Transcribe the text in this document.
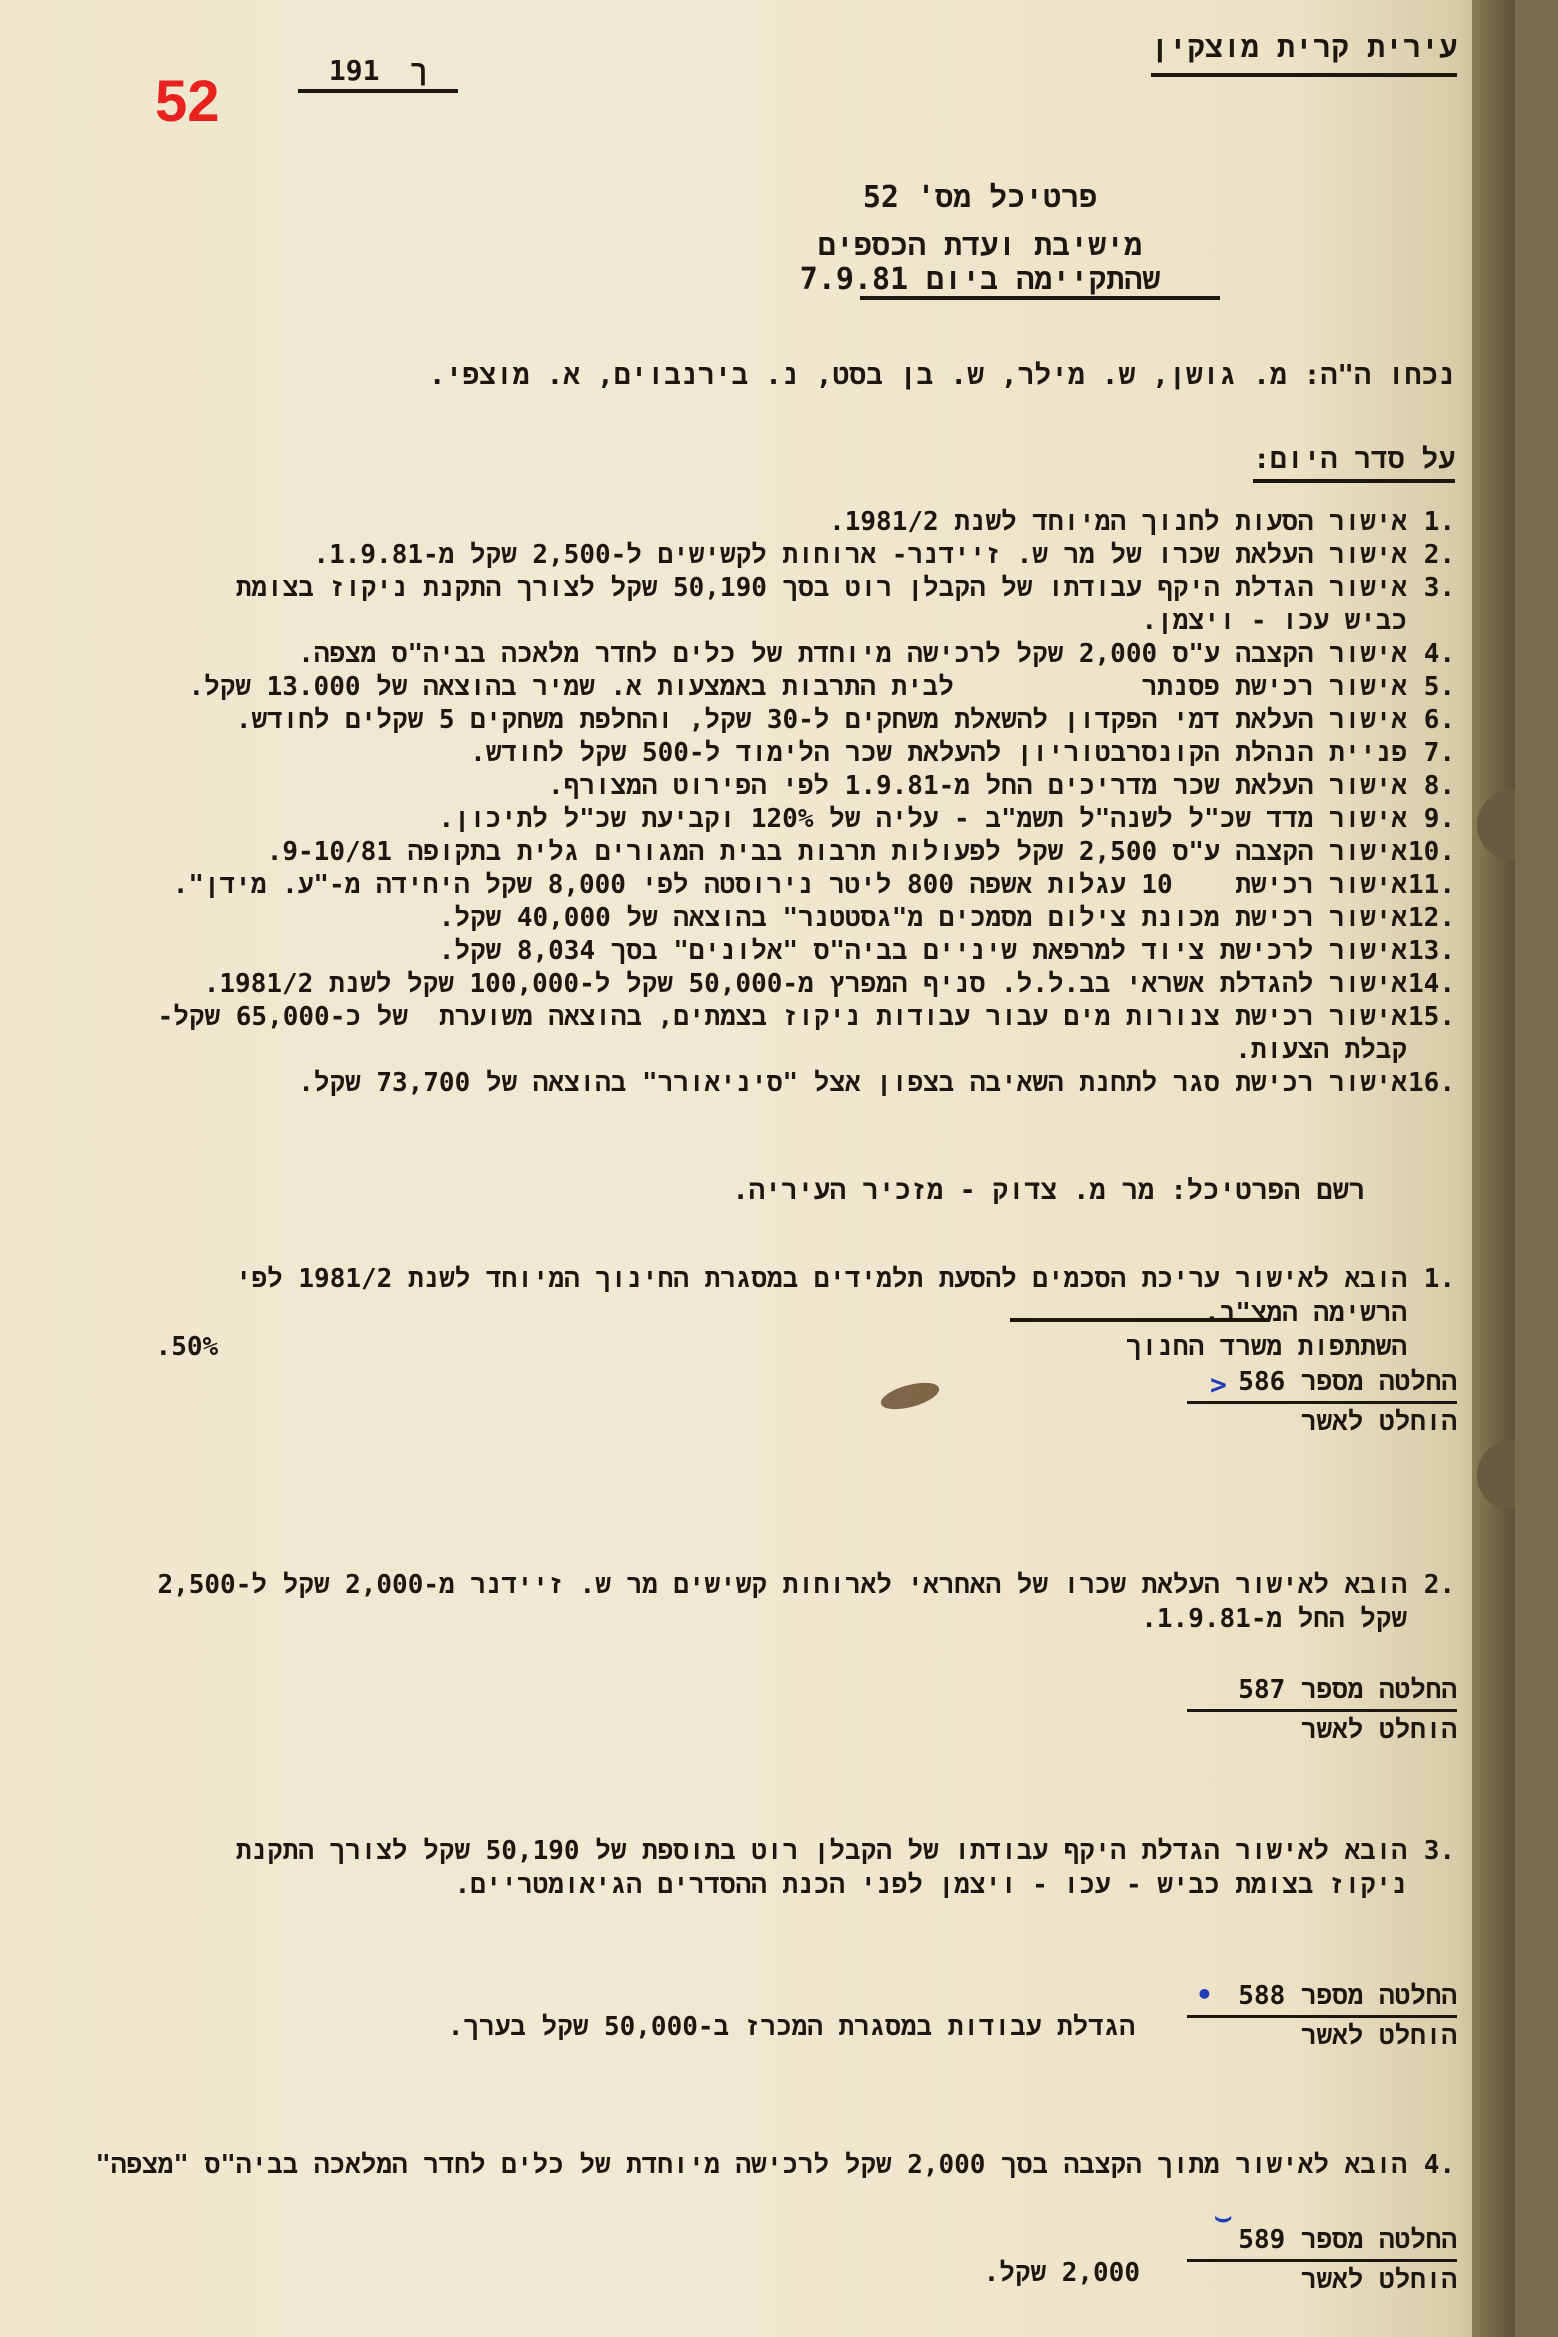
עירית קרית מוצקין
191 ך
52
פרטיכל מס' 52
מישיבת ועדת הכספים
שהתקיימה ביום 7.9.81
נכחו ה"ה: מ. גושן, ש. מילר, ש. בן בסט, נ. בירנבוים, א. מוצפי.
על סדר היום:
.1
אישור הסעות לחנוך המיוחד לשנת 1981/2.
.2
אישור העלאת שכרו של מר ש. זיידנר- ארוחות לקשישים ל-2,500 שקל מ-1.9.81.
.3
אישור הגדלת היקף עבודתו של הקבלן רוט בסך 50,190 שקל לצורך התקנת ניקוז בצומת
כביש עכו - ויצמן.
.4
אישור הקצבה ע"ס 2,000 שקל לרכישה מיוחדת של כלים לחדר מלאכה בביה"ס מצפה.
.5
אישור רכישת פסנתר            לבית התרבות באמצעות א. שמיר בהוצאה של 13.000 שקל.
.6
אישור העלאת דמי הפקדון להשאלת משחקים ל-30 שקל, והחלפת משחקים 5 שקלים לחודש.
.7
פניית הנהלת הקונסרבטוריון להעלאת שכר הלימוד ל-500 שקל לחודש.
.8
אישור העלאת שכר מדריכים החל מ-1.9.81 לפי הפירוט המצורף.
.9
אישור מדד שכ"ל לשנה"ל תשמ"ב - עליה של 120% וקביעת שכ"ל לתיכון.
.10
אישור הקצבה ע"ס 2,500 שקל לפעולות תרבות בבית המגורים גלית בתקופה 9-10/81.
.11
אישור רכישת    10 עגלות אשפה 800 ליטר נירוסטה לפי 8,000 שקל היחידה מ-"ע. מידן".
.12
אישור רכישת מכונת צילום מסמכים מ"גסטטנר" בהוצאה של 40,000 שקל.
.13
אישור לרכישת ציוד למרפאת שיניים בביה"ס "אלונים" בסך 8,034 שקל.
.14
אישור להגדלת אשראי בב.ל.ל. סניף המפרץ מ-50,000 שקל ל-100,000 שקל לשנת 1981/2.
.15
אישור רכישת צנורות מים עבור עבודות ניקוז בצמתים, בהוצאה משוערת  של כ-65,000 שקל-
קבלת הצעות.
.16
אישור רכישת סגר לתחנת השאיבה בצפון אצל "סיניאורר" בהוצאה של 73,700 שקל.
רשם הפרטיכל: מר מ. צדוק - מזכיר העיריה.
.1
הובא לאישור עריכת הסכמים להסעת תלמידים במסגרת החינוך המיוחד לשנת 1981/2 לפי
הרשימה המצ"ב.
השתתפות משרד החנוך                                                          50%.
החלטה מספר 586
הוחלט לאשר
>
.2
הובא לאישור העלאת שכרו של האחראי לארוחות קשישים מר ש. זיידנר מ-2,000 שקל ל-2,500
שקל החל מ-1.9.81.
החלטה מספר 587
הוחלט לאשר
.3
הובא לאישור הגדלת היקף עבודתו של הקבלן רוט בתוספת של 50,190 שקל לצורך התקנת
ניקוז בצומת כביש - עכו - ויצמן לפני הכנת ההסדרים הגיאומטריים.
החלטה מספר 588
הוחלט לאשר
הגדלת עבודות במסגרת המכרז ב-50,000 שקל בערך.
•
.4
הובא לאישור מתוך הקצבה בסך 2,000 שקל לרכישה מיוחדת של כלים לחדר המלאכה בביה"ס "מצפה"
החלטה מספר 589
הוחלט לאשר
2,000 שקל.
⌣
